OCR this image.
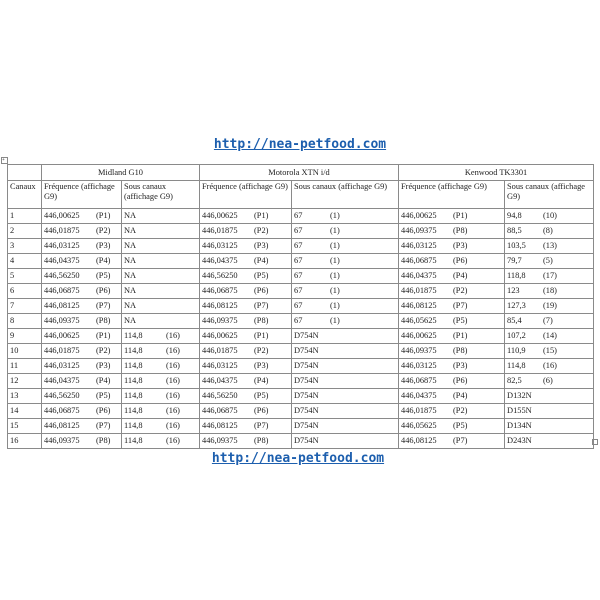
http://nea-petfood.com
+
	Midland G10		Motorola XTN i/d		Kenwood TK3301	
Canaux	Fréquence (affichage G9)	Sous canaux (affichage G9)	Fréquence (affichage G9)	Sous canaux (affichage G9)	Fréquence (affichage G9)	Sous canaux (affichage G9)
1	446,00625 (P1)	NA	446,00625 (P1)	67 (1)	446,00625 (P1)	94,8 (10)
2	446,01875 (P2)	NA	446,01875 (P2)	67 (1)	446,09375 (P8)	88,5 (8)
3	446,03125 (P3)	NA	446,03125 (P3)	67 (1)	446,03125 (P3)	103,5 (13)
4	446,04375 (P4)	NA	446,04375 (P4)	67 (1)	446,06875 (P6)	79,7 (5)
5	446,56250 (P5)	NA	446,56250 (P5)	67 (1)	446,04375 (P4)	118,8 (17)
6	446,06875 (P6)	NA	446,06875 (P6)	67 (1)	446,01875 (P2)	123 (18)
7	446,08125 (P7)	NA	446,08125 (P7)	67 (1)	446,08125 (P7)	127,3 (19)
8	446,09375 (P8)	NA	446,09375 (P8)	67 (1)	446,05625 (P5)	85,4 (7)
9	446,00625 (P1)	114,8 (16)	446,00625 (P1)	D754N	446,00625 (P1)	107,2 (14)
10	446,01875 (P2)	114,8 (16)	446,01875 (P2)	D754N	446,09375 (P8)	110,9 (15)
11	446,03125 (P3)	114,8 (16)	446,03125 (P3)	D754N	446,03125 (P3)	114,8 (16)
12	446,04375 (P4)	114,8 (16)	446,04375 (P4)	D754N	446,06875 (P6)	82,5 (6)
13	446,56250 (P5)	114,8 (16)	446,56250 (P5)	D754N	446,04375 (P4)	D132N
14	446,06875 (P6)	114,8 (16)	446,06875 (P6)	D754N	446,01875 (P2)	D155N
15	446,08125 (P7)	114,8 (16)	446,08125 (P7)	D754N	446,05625 (P5)	D134N
16	446,09375 (P8)	114,8 (16)	446,09375 (P8)	D754N	446,08125 (P7)	D243N
http://nea-petfood.com
